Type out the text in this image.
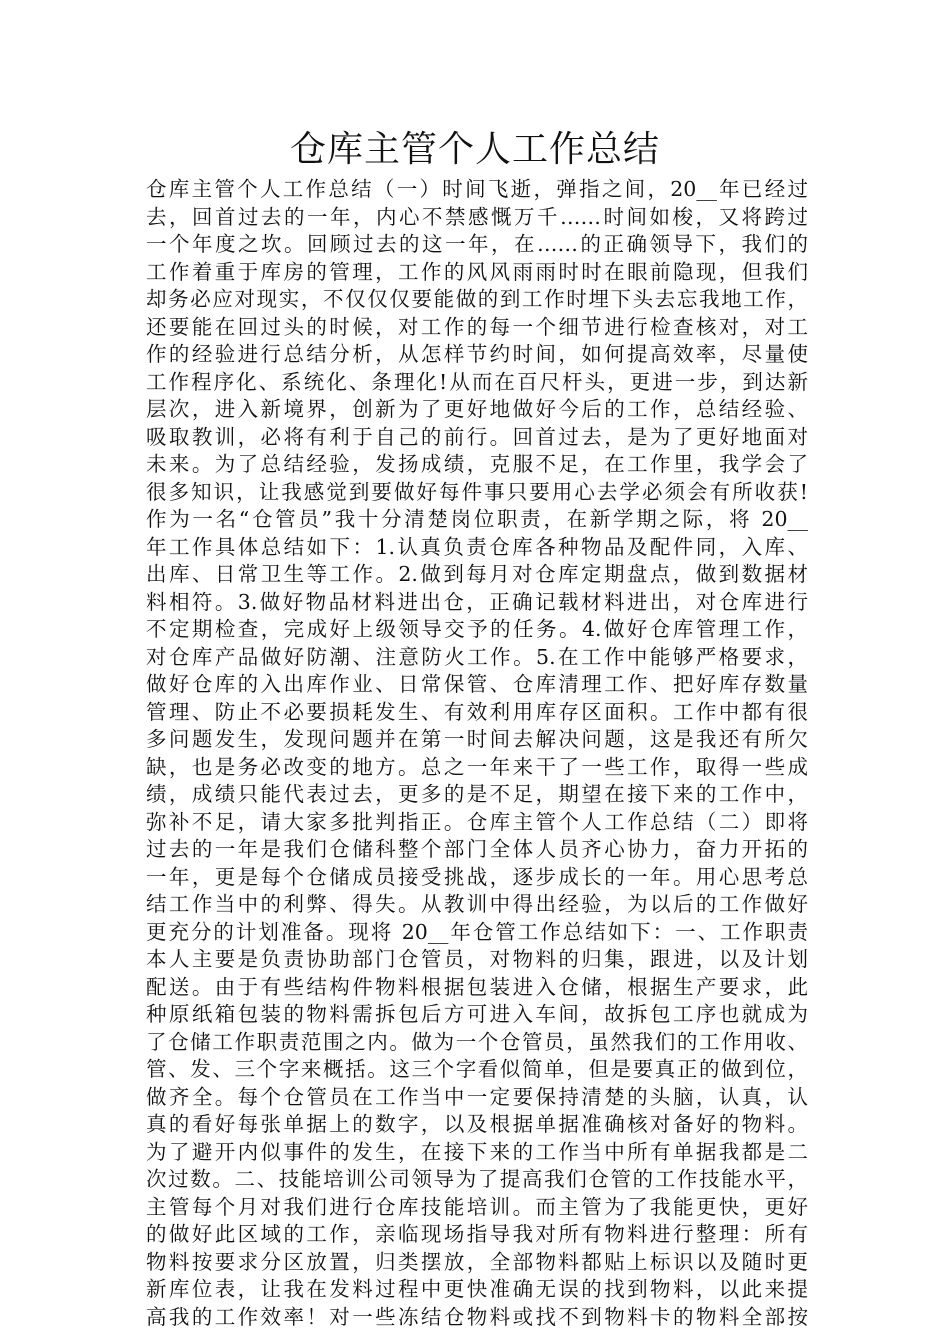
仓库主管个人工作总结
仓库主管个人工作总结（一）时间飞逝，弹指之间，20__年已经过
去，回首过去的一年，内心不禁感慨万千……时间如梭，又将跨过
一个年度之坎。回顾过去的这一年，在……的正确领导下，我们的
工作着重于库房的管理，工作的风风雨雨时时在眼前隐现，但我们
却务必应对现实，不仅仅仅要能做的到工作时埋下头去忘我地工作，
还要能在回过头的时候，对工作的每一个细节进行检查核对，对工
作的经验进行总结分析，从怎样节约时间，如何提高效率，尽量使
工作程序化、系统化、条理化!从而在百尺杆头，更进一步，到达新
层次，进入新境界，创新为了更好地做好今后的工作，总结经验、
吸取教训，必将有利于自己的前行。回首过去，是为了更好地面对
未来。为了总结经验，发扬成绩，克服不足，在工作里，我学会了
很多知识，让我感觉到要做好每件事只要用心去学必须会有所收获!
作为一名“仓管员”我十分清楚岗位职责，在新学期之际，将 20__
年工作具体总结如下：1.认真负责仓库各种物品及配件同，入库、
出库、日常卫生等工作。2.做到每月对仓库定期盘点，做到数据材
料相符。3.做好物品材料进出仓，正确记载材料进出，对仓库进行
不定期检查，完成好上级领导交予的任务。4.做好仓库管理工作，
对仓库产品做好防潮、注意防火工作。5.在工作中能够严格要求，
做好仓库的入出库作业、日常保管、仓库清理工作、把好库存数量
管理、防止不必要损耗发生、有效利用库存区面积。工作中都有很
多问题发生，发现问题并在第一时间去解决问题，这是我还有所欠
缺，也是务必改变的地方。总之一年来干了一些工作，取得一些成
绩，成绩只能代表过去，更多的是不足，期望在接下来的工作中，
弥补不足，请大家多批判指正。仓库主管个人工作总结（二）即将
过去的一年是我们仓储科整个部门全体人员齐心协力，奋力开拓的
一年，更是每个仓储成员接受挑战，逐步成长的一年。用心思考总
结工作当中的利弊、得失。从教训中得出经验，为以后的工作做好
更充分的计划准备。现将 20__年仓管工作总结如下：一、工作职责
本人主要是负责协助部门仓管员，对物料的归集，跟进，以及计划
配送。由于有些结构件物料根据包装进入仓储，根据生产要求，此
种原纸箱包装的物料需拆包后方可进入车间，故拆包工序也就成为
了仓储工作职责范围之内。做为一个仓管员，虽然我们的工作用收、
管、发、三个字来概括。这三个字看似简单，但是要真正的做到位，
做齐全。每个仓管员在工作当中一定要保持清楚的头脑，认真，认
真的看好每张单据上的数字，以及根据单据准确核对备好的物料。
为了避开内似事件的发生，在接下来的工作当中所有单据我都是二
次过数。二、技能培训公司领导为了提高我们仓管的工作技能水平，
主管每个月对我们进行仓库技能培训。而主管为了我能更快，更好
的做好此区域的工作，亲临现场指导我对所有物料进行整理：所有
物料按要求分区放置，归类摆放，全部物料都贴上标识以及随时更
新库位表，让我在发料过程中更快准确无误的找到物料，以此来提
高我的工作效率！对一些冻结仓物料或找不到物料卡的物料全部按
